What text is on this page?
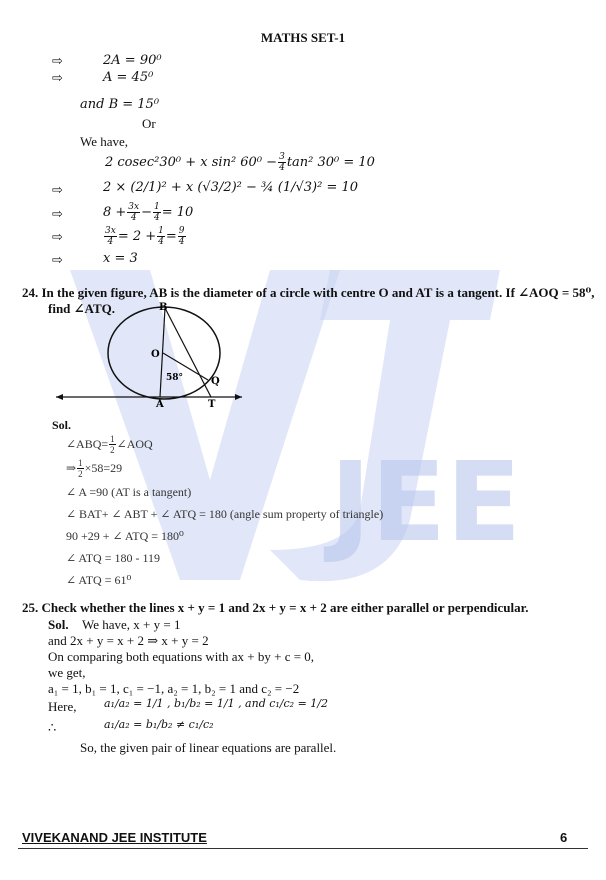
JEE
MATHS SET-1
⇨	2A = 90⁰
⇨	A = 45⁰
and B = 15⁰
Or
We have,
2 cosec²30⁰ + x sin² $60^0 - \frac{3}{4} \tan^2$ 30⁰ = 10
⇨	2 × (2/1)² + x (√3/2)² − ¾ (1/√3)² = 10
⇨	$8 + \frac{3x}{4} - \frac{1}{4} = 10$
⇨	$\frac{3x}{4} = 2 + \frac{1}{4} = \frac{9}{4}$
⇨	x = 3
24. In the given figure, AB is the diameter of a circle with centre O and AT is a tangent. If ∠AOQ = 58⁰,
find ∠ATQ.	B
O
58°	Q
A	T
Sol.
∠ABQ= $\frac{1}{2}$ ∠AOQ
⇒ $\frac{1}{2} \times 58=29$
∠ A =90 (AT is a tangent)
∠ BAT+ ∠ ABT + ∠ ATQ = 180 (angle sum property of triangle)
90 +29 + ∠ ATQ = 180⁰
∠ ATQ = 180 - 119
∠ ATQ = 61⁰
25. Check whether the lines x + y = 1 and 2x + y = x + 2 are either parallel or perpendicular.
Sol. We have, x + y = 1
and 2x + y = x + 2 ⇒ x + y = 2
On comparing both equations with ax + by + c = 0,
we get,
a₁ = 1, b₁ = 1, c₁ = −1, a₂ = 1, b₂ = 1 and c₂ = −2
Here, a₁/a₂ = 1/1 , b₁/b₂ = 1/1 , and c₁/c₂ = 1/2
∴	a₁/a₂ = b₁/b₂ ≠ c₁/c₂
So, the given pair of linear equations are parallel.
VIVEKANAND JEE INSTITUTE	6
